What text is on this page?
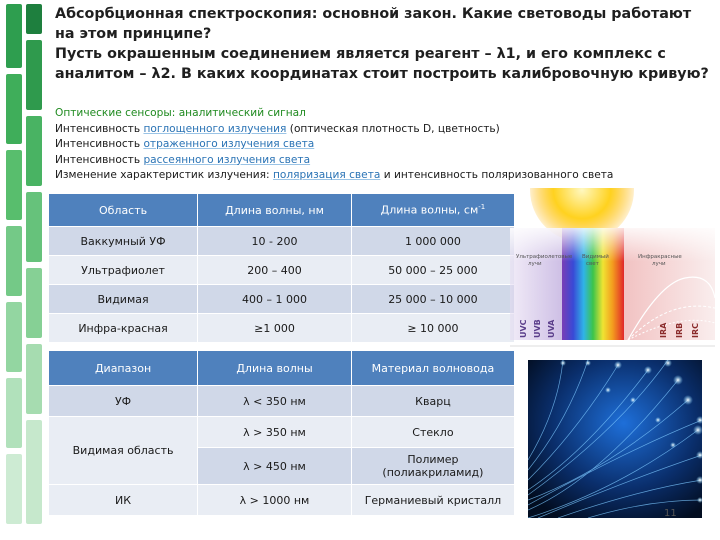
Абсорбционная спектроскопия: основной закон. Какие световоды работают
на этом принципе?
Пусть окрашенным соединением является реагент – λ1, и его комплекс с
аналитом – λ2. В каких координатах стоит построить калибровочную кривую?
Оптические сенсоры: аналитический сигнал
Интенсивность поглощенного излучения (оптическая плотность D, цветность)
Интенсивность отраженного излучения света
Интенсивность рассеянного излучения света
Изменение характеристик излучения: поляризация света и интенсивность поляризованного света
Область	Длина волны, нм	Длина волны, $см^{-1}$
Ваккумный УФ	10 - 200	1 000 000
Ультрафиолет	200 – 400	50 000 – 25 000
Видимая	400 – 1 000	25 000 – 10 000
Инфра-красная	≥1 000	≥ 10 000
Диапазон	Длина волны	Материал волновода
УФ	λ < 350 нм	Кварц
Видимая область	λ > 350 нм	Стекло
	λ > 450 нм	Полимер
(полиакриламид)

ИК	λ > 1000 нм	Германиевый кристалл
Ультрафиолетовые
лучи
Видимый
свет
Инфракрасные
лучи
UVC UVB UVA	IRA IRB IRC
11
